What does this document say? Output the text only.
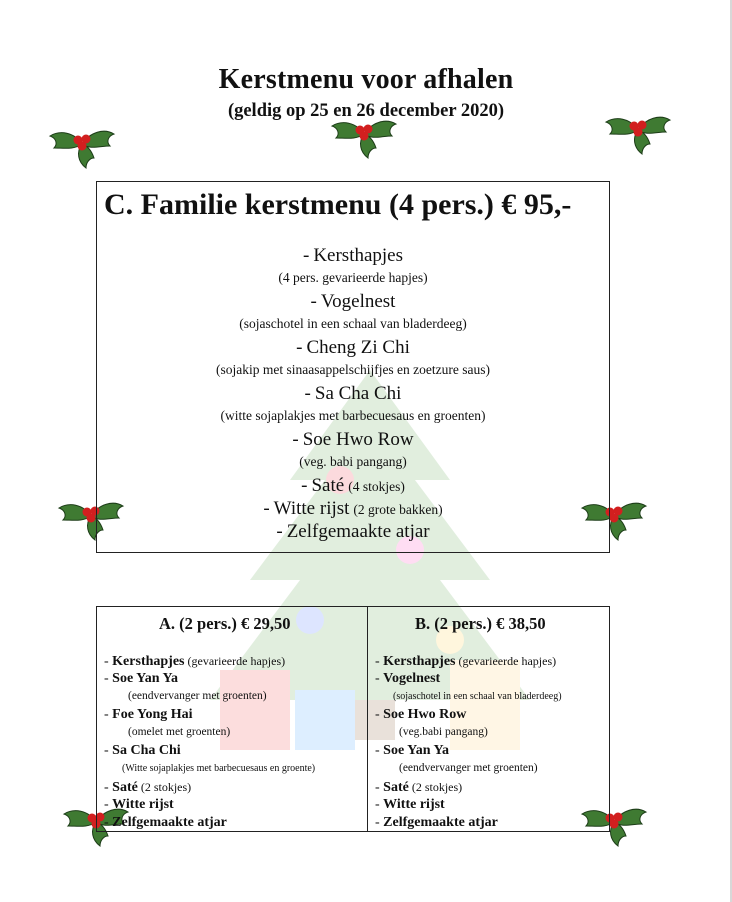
Kerstmenu voor afhalen
(geldig op 25 en 26 december 2020)
C. Familie kerstmenu (4 pers.) € 95,-
- Kersthapjes
(4 pers. gevarieerde hapjes)
- Vogelnest
(sojaschotel in een schaal van bladerdeeg)
- Cheng Zi Chi
(sojakip met sinaasappelschijfjes en zoetzure saus)
- Sa Cha Chi
(witte sojaplakjes met barbecuesaus en groenten)
- Soe Hwo Row
(veg. babi pangang)
- Saté (4 stokjes)
- Witte rijst (2 grote bakken)
- Zelfgemaakte atjar
A. (2 pers.) € 29,50
- Kersthapjes (gevarieerde hapjes)
- Soe Yan Ya
(eendvervanger met groenten)
- Foe Yong Hai
(omelet met groenten)
- Sa Cha Chi
(Witte sojaplakjes met barbecuesaus en groente)
- Saté (2 stokjes)
- Witte rijst
- Zelfgemaakte atjar
B. (2 pers.) € 38,50
- Kersthapjes (gevarieerde hapjes)
- Vogelnest
(sojaschotel in een schaal van bladerdeeg)
- Soe Hwo Row
(veg.babi pangang)
- Soe Yan Ya
(eendvervanger met groenten)
- Saté (2 stokjes)
- Witte rijst
- Zelfgemaakte atjar
